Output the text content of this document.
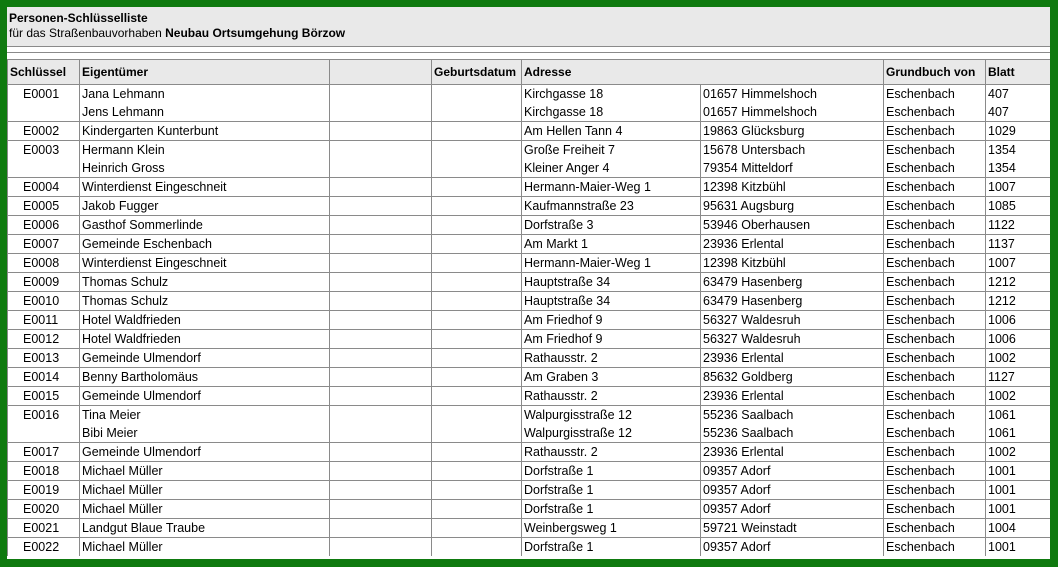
Personen-Schlüsselliste
für das Straßenbauvorhaben Neubau Ortsumgehung Börzow
Schlüssel	Eigentümer		Geburtsdatum	Adresse		Grundbuch von	Blatt
E0001	Jana Lehmann			Kirchgasse 18	01657 Himmelshoch	Eschenbach	407
	Jens Lehmann			Kirchgasse 18	01657 Himmelshoch	Eschenbach	407
E0002	Kindergarten Kunterbunt			Am Hellen Tann 4	19863 Glücksburg	Eschenbach	1029
E0003	Hermann Klein			Große Freiheit 7	15678 Untersbach	Eschenbach	1354
	Heinrich Gross			Kleiner Anger 4	79354 Mitteldorf	Eschenbach	1354
E0004	Winterdienst Eingeschneit			Hermann-Maier-Weg 1	12398 Kitzbühl	Eschenbach	1007
E0005	Jakob Fugger			Kaufmannstraße 23	95631 Augsburg	Eschenbach	1085
E0006	Gasthof Sommerlinde			Dorfstraße 3	53946 Oberhausen	Eschenbach	1122
E0007	Gemeinde Eschenbach			Am Markt 1	23936 Erlental	Eschenbach	1137
E0008	Winterdienst Eingeschneit			Hermann-Maier-Weg 1	12398 Kitzbühl	Eschenbach	1007
E0009	Thomas Schulz			Hauptstraße 34	63479 Hasenberg	Eschenbach	1212
E0010	Thomas Schulz			Hauptstraße 34	63479 Hasenberg	Eschenbach	1212
E0011	Hotel Waldfrieden			Am Friedhof 9	56327 Waldesruh	Eschenbach	1006
E0012	Hotel Waldfrieden			Am Friedhof 9	56327 Waldesruh	Eschenbach	1006
E0013	Gemeinde Ulmendorf			Rathausstr. 2	23936 Erlental	Eschenbach	1002
E0014	Benny Bartholomäus			Am Graben 3	85632 Goldberg	Eschenbach	1127
E0015	Gemeinde Ulmendorf			Rathausstr. 2	23936 Erlental	Eschenbach	1002
E0016	Tina Meier			Walpurgisstraße 12	55236 Saalbach	Eschenbach	1061
	Bibi Meier			Walpurgisstraße 12	55236 Saalbach	Eschenbach	1061
E0017	Gemeinde Ulmendorf			Rathausstr. 2	23936 Erlental	Eschenbach	1002
E0018	Michael Müller			Dorfstraße 1	09357 Adorf	Eschenbach	1001
E0019	Michael Müller			Dorfstraße 1	09357 Adorf	Eschenbach	1001
E0020	Michael Müller			Dorfstraße 1	09357 Adorf	Eschenbach	1001
E0021	Landgut Blaue Traube			Weinbergsweg 1	59721 Weinstadt	Eschenbach	1004
E0022	Michael Müller			Dorfstraße 1	09357 Adorf	Eschenbach	1001
